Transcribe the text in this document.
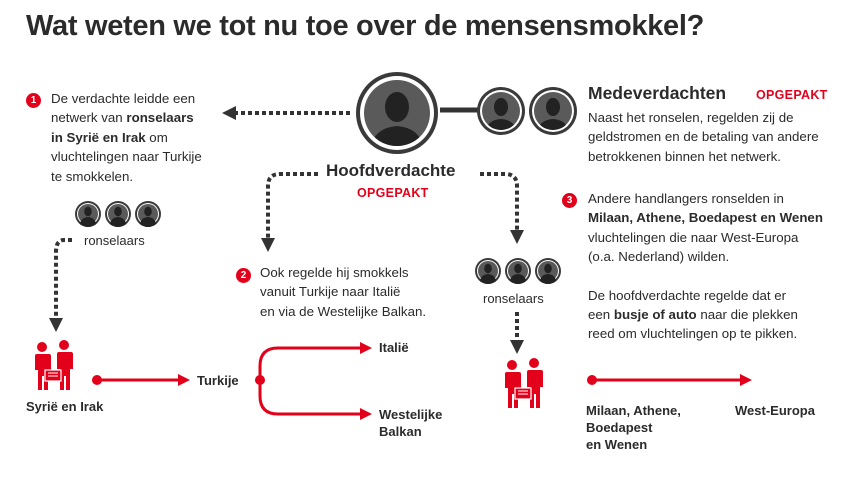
Wat weten we tot nu toe over de mensensmokkel?
Hoofdverdachte
OPGEPAKT
Medeverdachten OPGEPAKT
Naast het ronselen, regelden zij de
geldstromen en de betaling van andere
betrokkenen binnen het netwerk.
1	De verdachte leidde een
netwerk van ronselaars
in Syrië en Irak om
vluchtelingen naar Turkije
te smokkelen.
2	Ook regelde hij smokkels
vanuit Turkije naar Italië
en via de Westelijke Balkan.
3	Andere handlangers ronselden in
Milaan, Athene, Boedapest en Wenen
vluchtelingen die naar West-Europa
(o.a. Nederland) wilden.
De hoofdverdachte regelde dat er
een busje of auto naar die plekken
reed om vluchtelingen op te pikken.
ronselaars
ronselaars
Syrië en Irak
Turkije
Italië
Westelijke
Balkan
Milaan, Athene,
Boedapest
en Wenen
West-Europa
